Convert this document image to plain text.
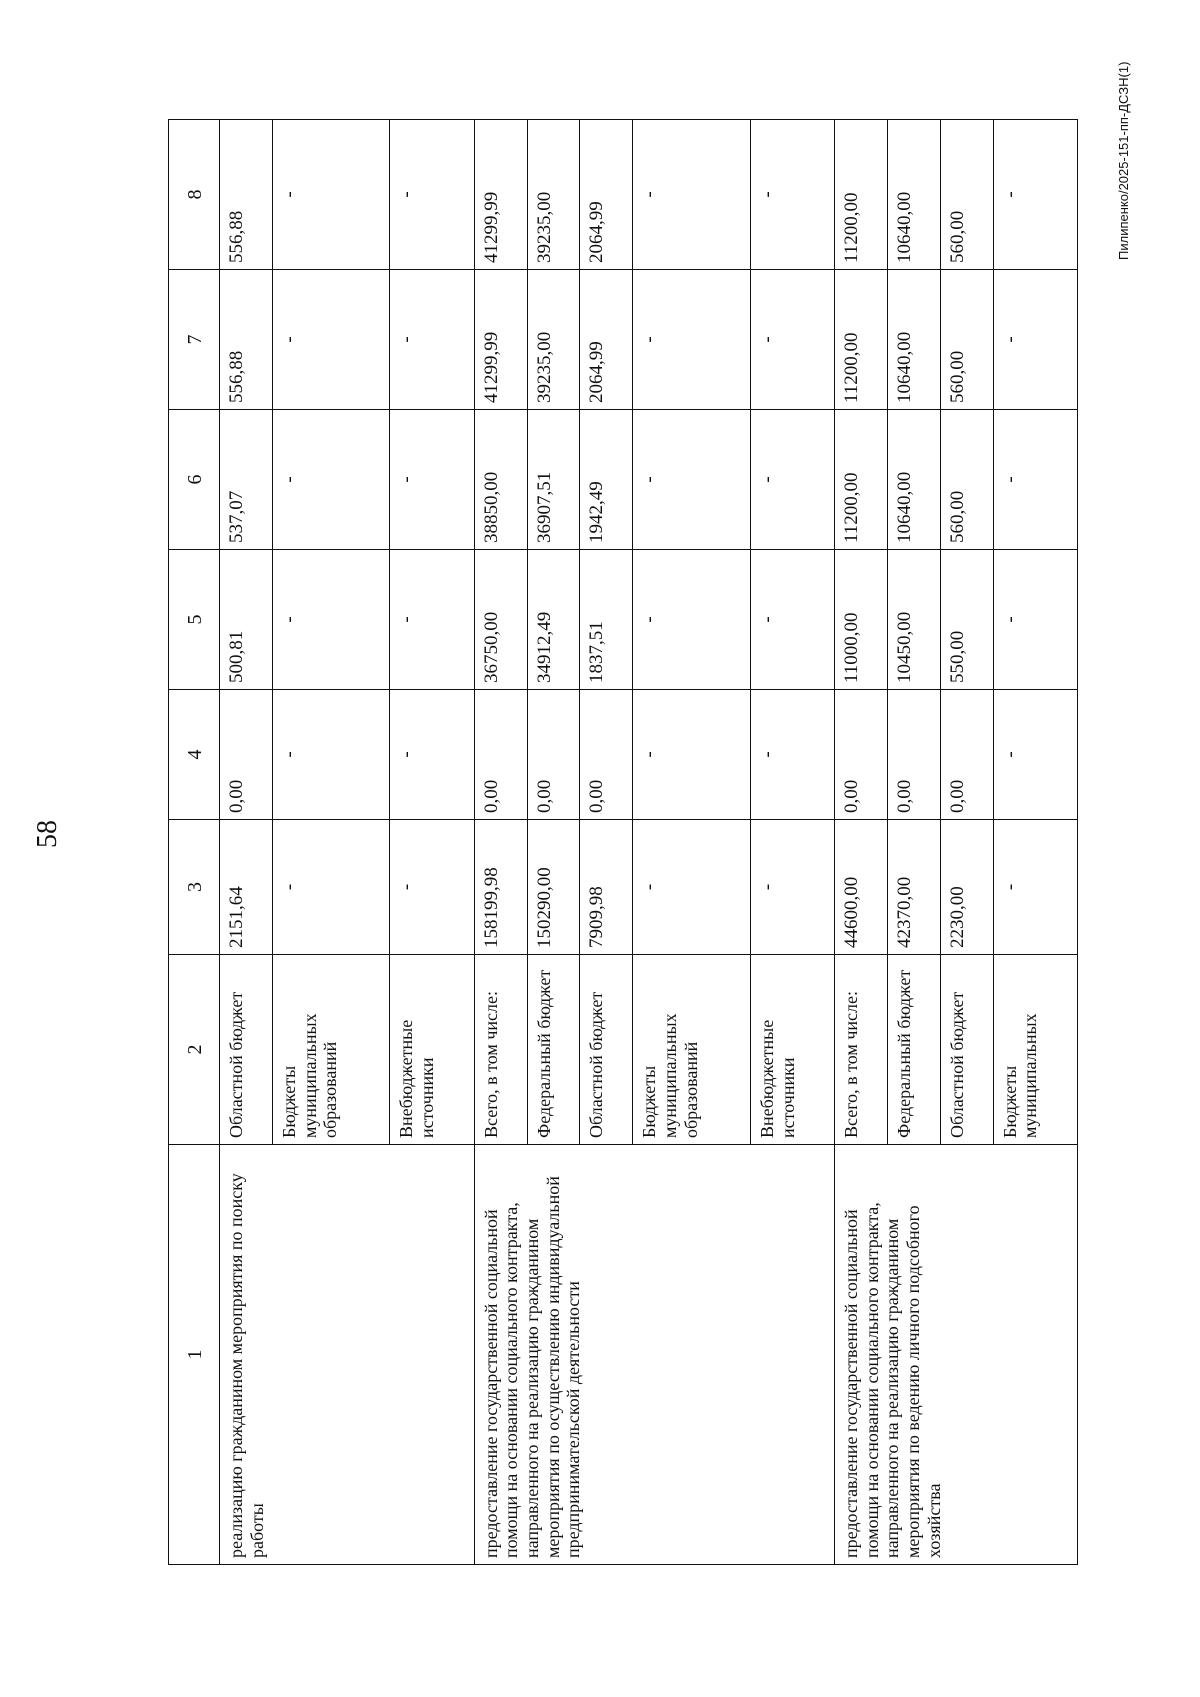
58
Пилипенко/2025-151-пп-ДСЗН(1)
1	2	3	4	5	6	7	8
реализацию гражданином мероприятия по поиску работы	Областной бюджет	2151,64	0,00	500,81	537,07	556,88	556,88
	Бюджеты муниципальных образований	-	-	-	-	-	-
	Внебюджетные источники	-	-	-	-	-	-
предоставление государственной социальной помощи на основании социального контракта, направленного на реализацию гражданином мероприятия по осуществлению индивидуальной предпринимательской деятельности	Всего, в том числе:	158199,98	0,00	36750,00	38850,00	41299,99	41299,99
	Федеральный бюджет	150290,00	0,00	34912,49	36907,51	39235,00	39235,00
	Областной бюджет	7909,98	0,00	1837,51	1942,49	2064,99	2064,99
	Бюджеты муниципальных образований	-	-	-	-	-	-
	Внебюджетные источники	-	-	-	-	-	-
предоставление государственной социальной помощи на основании социального контракта, направленного на реализацию гражданином мероприятия по ведению личного подсобного хозяйства	Всего, в том числе:	44600,00	0,00	11000,00	11200,00	11200,00	11200,00
	Федеральный бюджет	42370,00	0,00	10450,00	10640,00	10640,00	10640,00
	Областной бюджет	2230,00	0,00	550,00	560,00	560,00	560,00
	Бюджеты муниципальных	-	-	-	-	-	-
